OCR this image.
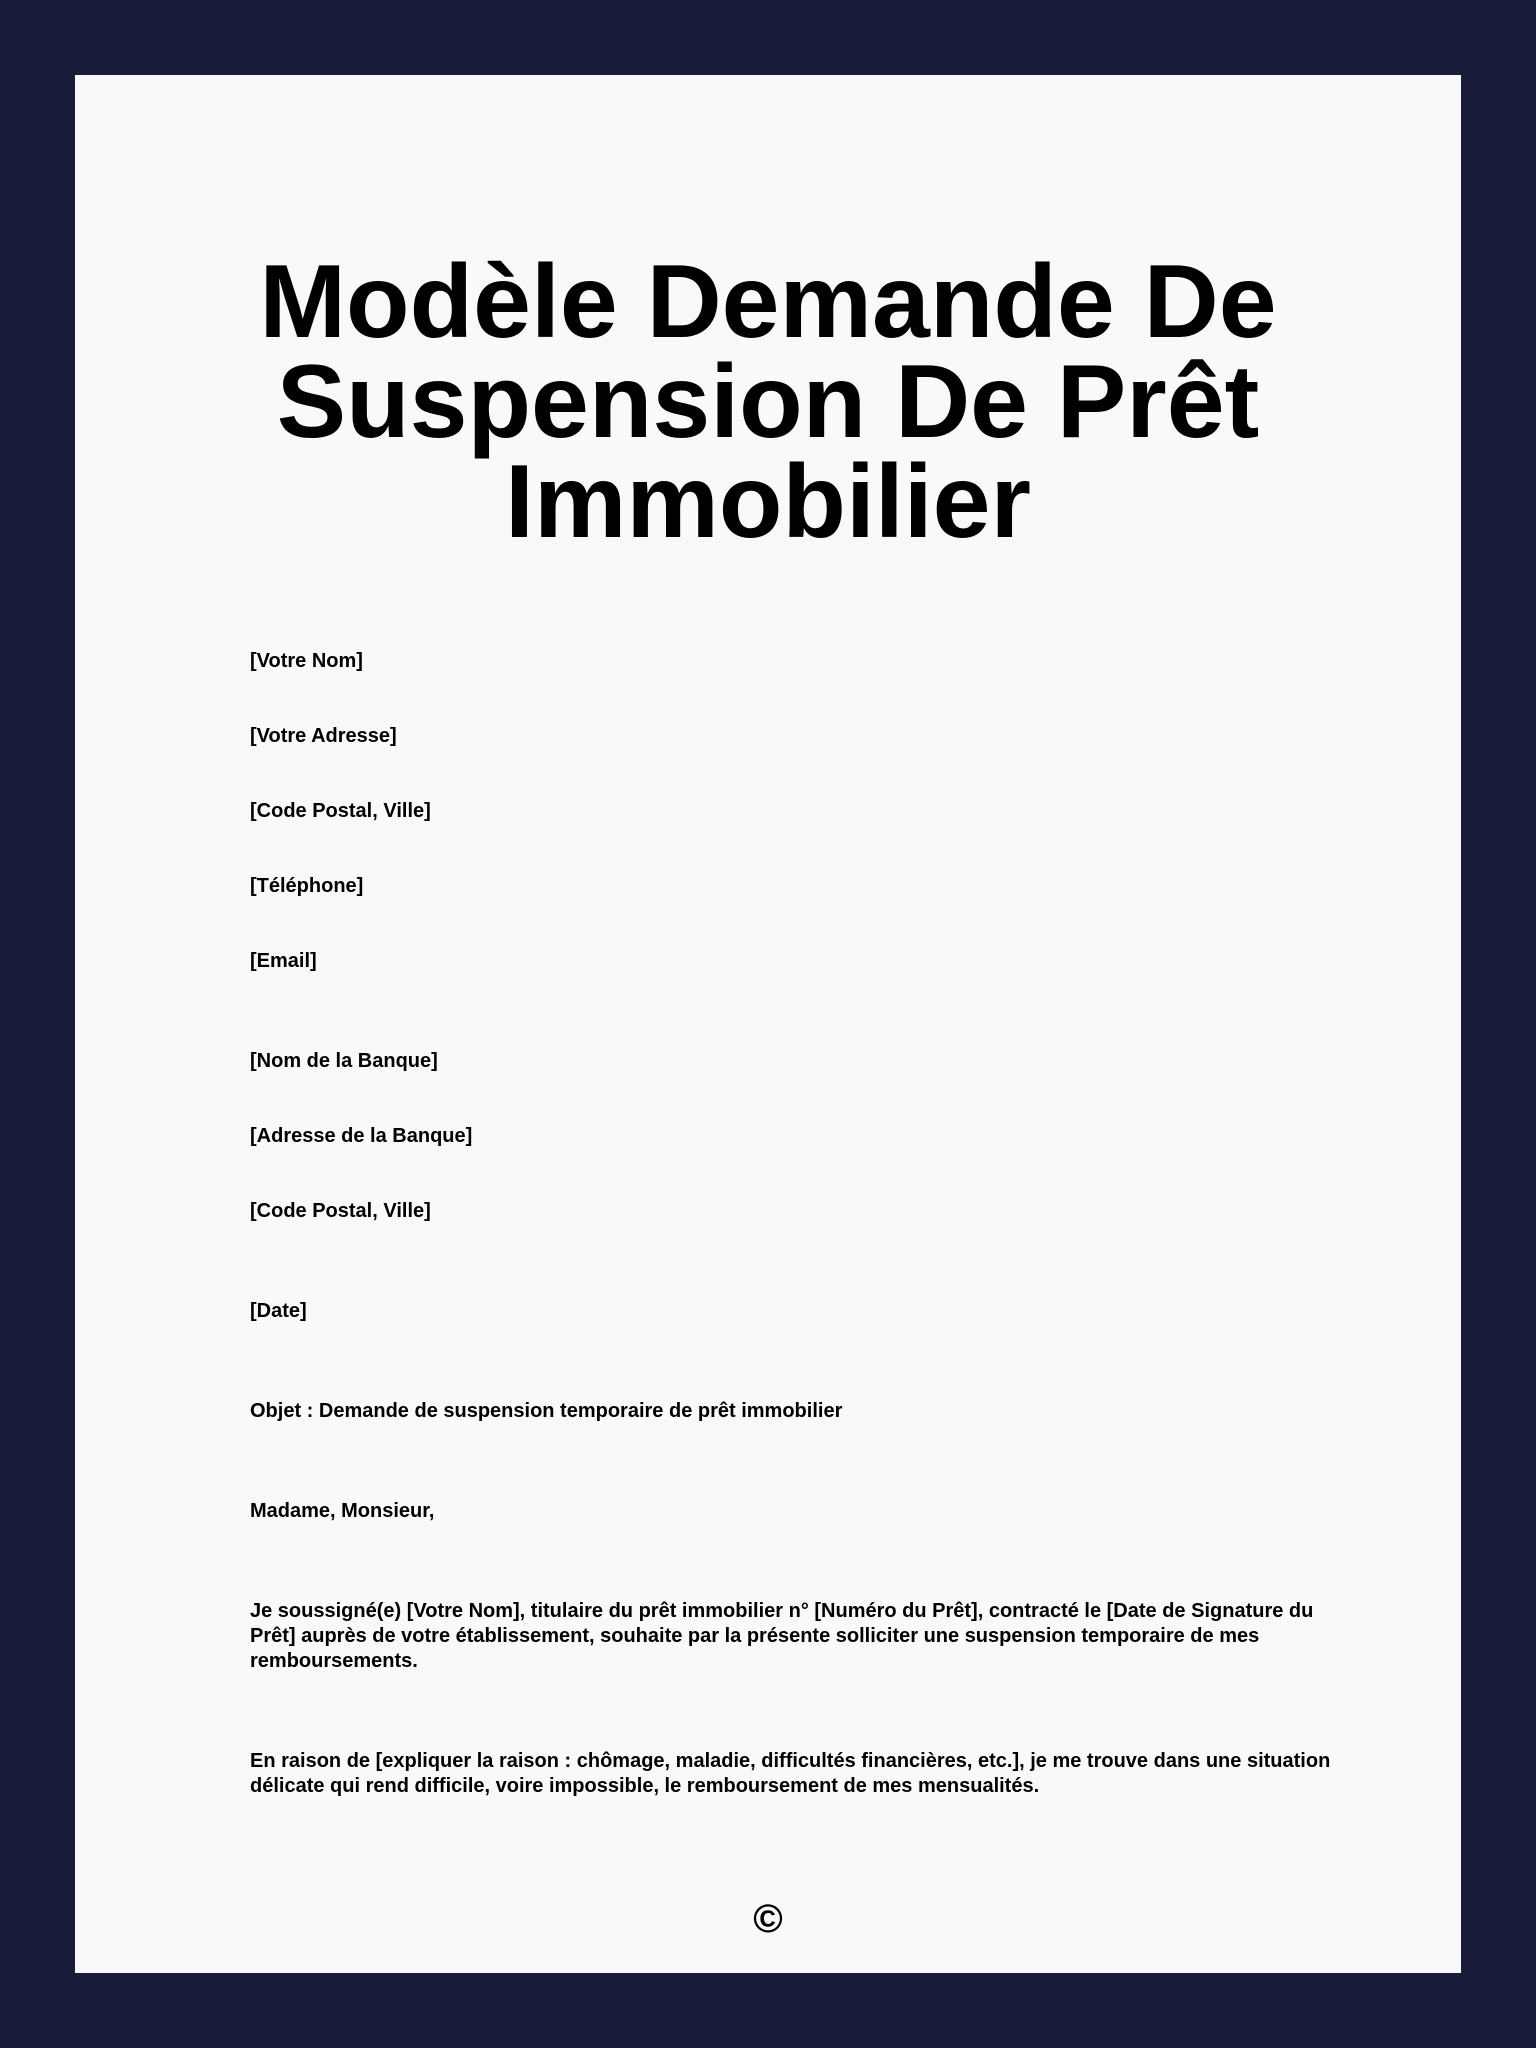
Modèle Demande De Suspension De Prêt Immobilier

[Votre Nom]

[Votre Adresse]

[Code Postal, Ville]

[Téléphone]

[Email]

[Nom de la Banque]

[Adresse de la Banque]

[Code Postal, Ville]

[Date]

Objet : Demande de suspension temporaire de prêt immobilier

Madame, Monsieur,

Je soussigné(e) [Votre Nom], titulaire du prêt immobilier n° [Numéro du Prêt], contracté le [Date de Signature du Prêt] auprès de votre établissement, souhaite par la présente solliciter une suspension temporaire de mes remboursements.

En raison de [expliquer la raison : chômage, maladie, difficultés financières, etc.], je me trouve dans une situation délicate qui rend difficile, voire impossible, le remboursement de mes mensualités.

©
